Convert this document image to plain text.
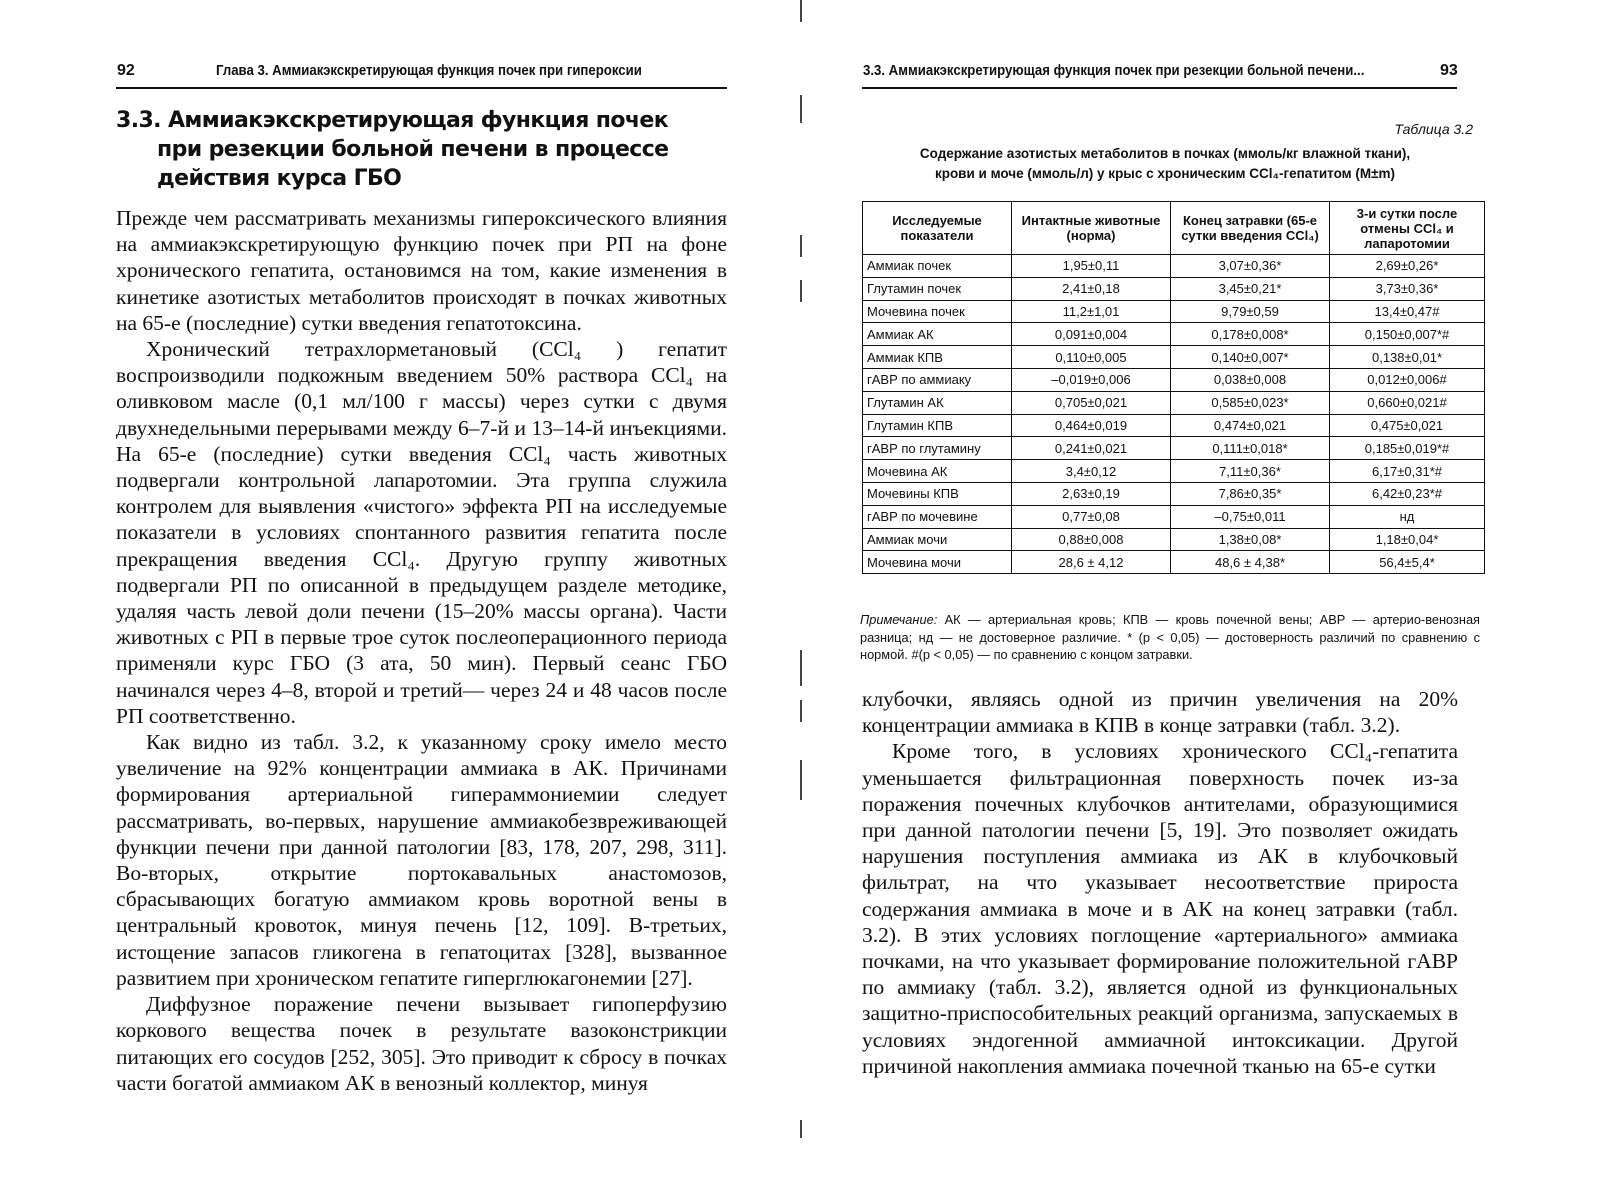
92	Глава 3. Аммиакэкскретирующая функция почек при гипероксии
3.3. Аммиакэкскретирующая функция почек
при резекции больной печени в процессе
действия курса ГБО

Прежде чем рассматривать механизмы гипероксического влияния на аммиакэкскретирующую функцию почек при РП на фоне хронического гепатита, остановимся на том, какие изменения в кинетике азотистых метаболитов происходят в почках животных на 65-е (последние) сутки введения гепатотоксина.

Хронический тетрахлорметановый (CCl₄ ) гепатит воспроизводили подкожным введением 50% раствора CCl₄ на оливковом масле (0,1 мл/100 г массы) через сутки с двумя двухнедельными перерывами между 6–7-й и 13–14-й инъекциями. На 65-е (последние) сутки введения CCl₄ часть животных подвергали контрольной лапаротомии. Эта группа служила контролем для выявления «чистого» эффекта РП на исследуемые показатели в условиях спонтанного развития гепатита после прекращения введения CCl₄. Другую группу животных подвергали РП по описанной в предыдущем разделе методике, удаляя часть левой доли печени (15–20% массы органа). Части животных с РП в первые трое суток послеоперационного периода применяли курс ГБО (3 ата, 50 мин). Первый сеанс ГБО начинался через 4–8, второй и третий— через 24 и 48 часов после РП соответственно.

Как видно из табл. 3.2, к указанному сроку имело место увеличение на 92% концентрации аммиака в АК. Причинами формирования артериальной гипераммониемии следует рассматривать, во-первых, нарушение аммиакобезвреживающей функции печени при данной патологии [83, 178, 207, 298, 311]. Во-вторых, открытие портокавальных анастомозов, сбрасывающих богатую аммиаком кровь воротной вены в центральный кровоток, минуя печень [12, 109]. В-третьих, истощение запасов гликогена в гепатоцитах [328], вызванное развитием при хроническом гепатите гиперглюкагонемии [27].

Диффузное поражение печени вызывает гипоперфузию коркового вещества почек в результате вазоконстрикции питающих его сосудов [252, 305]. Это приводит к сбросу в почках части богатой аммиаком АК в венозный коллектор, минуя

3.3. Аммиакэкскретирующая функция почек при резекции больной печени...	93
Таблица 3.2
Содержание азотистых метаболитов в почках (ммоль/кг влажной ткани),
крови и моче (ммоль/л) у крыс с хроническим CCl₄-гепатитом (M±m)
Исследуемые показатели	Интактные животные (норма)	Конец затравки (65-е сутки введения CCl₄)	3-и сутки после отмены CCl₄ и лапаротомии
Аммиак почек	1,95±0,11	3,07±0,36*	2,69±0,26*
Глутамин почек	2,41±0,18	3,45±0,21*	3,73±0,36*
Мочевина почек	11,2±1,01	9,79±0,59	13,4±0,47#
Аммиак АК	0,091±0,004	0,178±0,008*	0,150±0,007*#
Аммиак КПВ	0,110±0,005	0,140±0,007*	0,138±0,01*
гАВР по аммиаку	–0,019±0,006	0,038±0,008	0,012±0,006#
Глутамин АК	0,705±0,021	0,585±0,023*	0,660±0,021#
Глутамин КПВ	0,464±0,019	0,474±0,021	0,475±0,021
гАВР по глутамину	0,241±0,021	0,111±0,018*	0,185±0,019*#
Мочевина АК	3,4±0,12	7,11±0,36*	6,17±0,31*#
Мочевины КПВ	2,63±0,19	7,86±0,35*	6,42±0,23*#
гАВР по мочевине	0,77±0,08	–0,75±0,011	нд
Аммиак мочи	0,88±0,008	1,38±0,08*	1,18±0,04*
Мочевина мочи	28,6 ± 4,12	48,6 ± 4,38*	56,4±5,4*
Примечание: АК — артериальная кровь; КПВ — кровь почечной вены; АВР — артерио-венозная разница; нд — не достоверное различие. * (p < 0,05) — достоверность различий по сравнению с нормой. #(p < 0,05) — по сравнению с концом затравки.

клубочки, являясь одной из причин увеличения на 20% концентрации аммиака в КПВ в конце затравки (табл. 3.2).

Кроме того, в условиях хронического CCl₄-гепатита уменьшается фильтрационная поверхность почек из-за поражения почечных клубочков антителами, образующимися при данной патологии печени [5, 19]. Это позволяет ожидать нарушения поступления аммиака из АК в клубочковый фильтрат, на что указывает несоответствие прироста содержания аммиака в моче и в АК на конец затравки (табл. 3.2). В этих условиях поглощение «артериального» аммиака почками, на что указывает формирование положительной гАВР по аммиаку (табл. 3.2), является одной из функциональных защитно-приспособительных реакций организма, запускаемых в условиях эндогенной аммиачной интоксикации. Другой причиной накопления аммиака почечной тканью на 65-е сутки
